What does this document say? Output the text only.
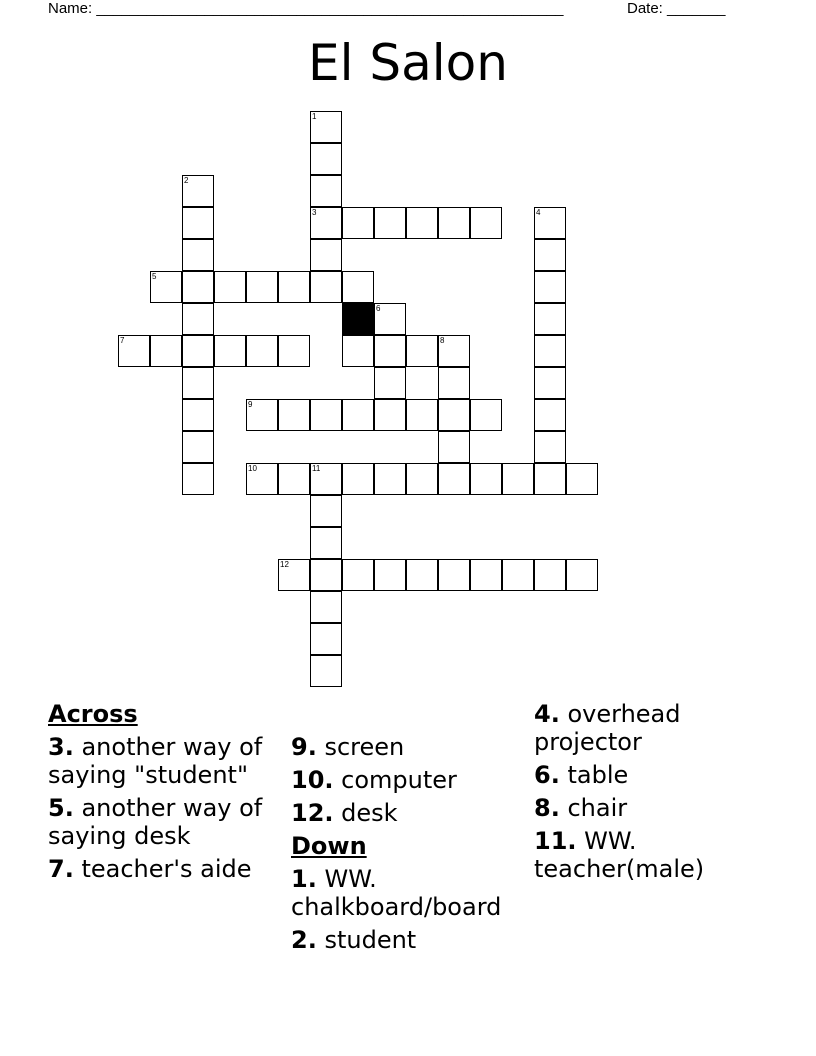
Name: ________________________________________________________	Date: _______
El Salon
1
3
2
4
5
6
7	8
9
10	11
12
Across
3. another way of saying "student"
5. another way of saying desk
7. teacher's aide
9. screen
10. computer
12. desk
Down
1. WW. chalkboard/board
2. student
4. overhead projector
6. table
8. chair
11. WW. teacher(male)
